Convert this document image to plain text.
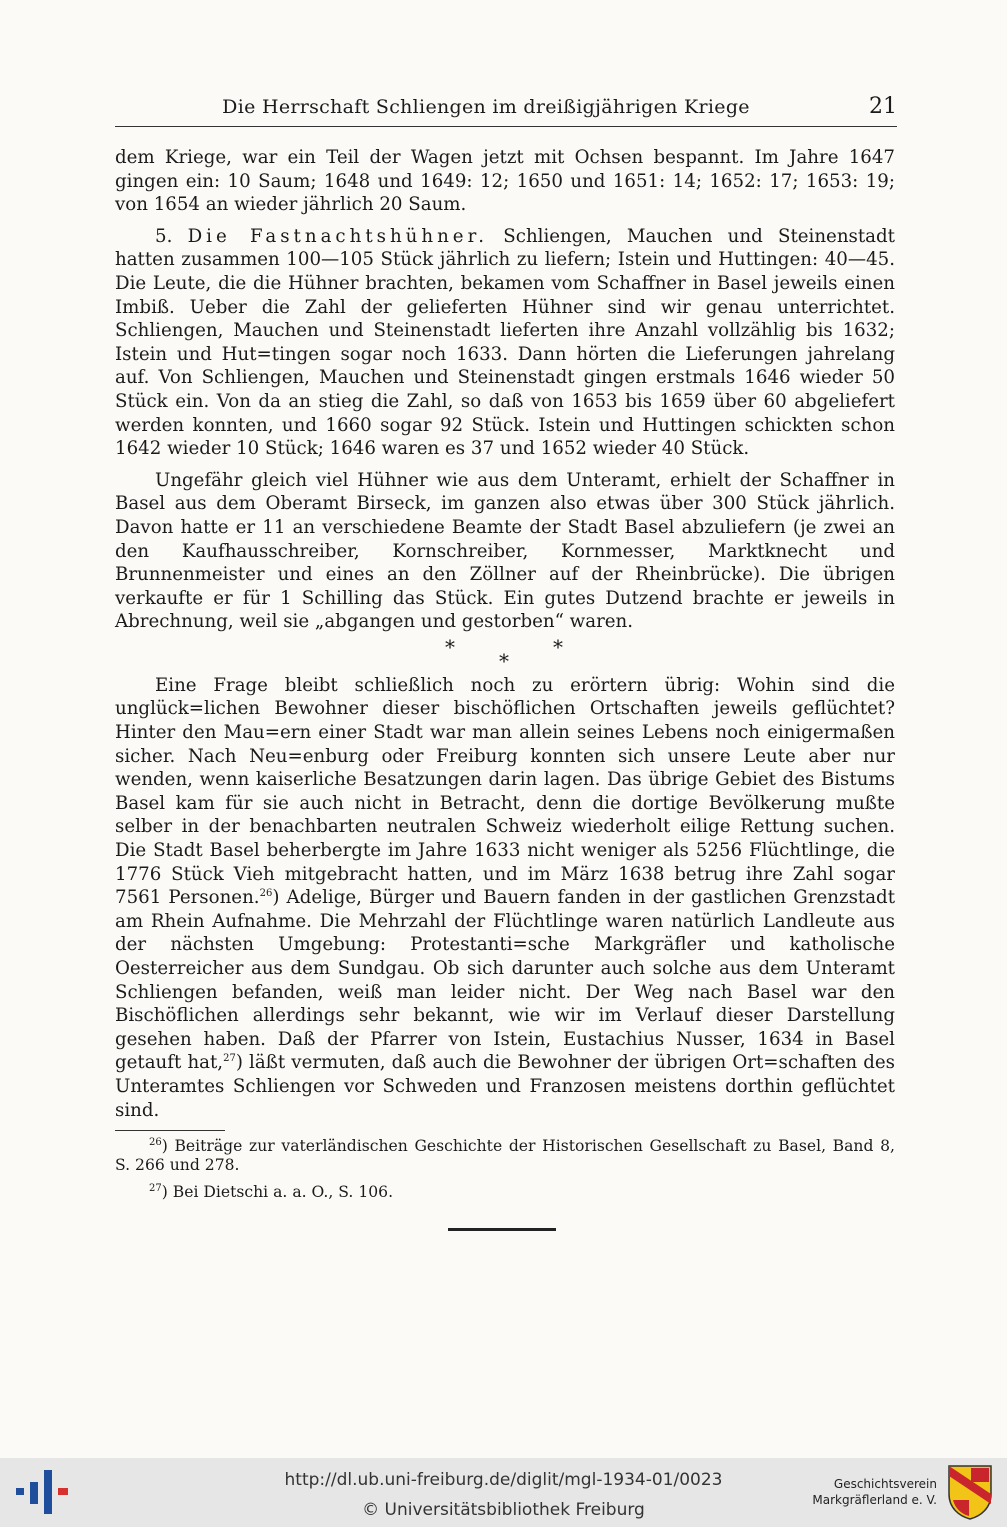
Die Herrschaft Schliengen im dreißigjährigen Kriege	21

dem Kriege, war ein Teil der Wagen jetzt mit Ochsen bespannt. Im Jahre 1647 gingen ein: 10 Saum; 1648 und 1649: 12; 1650 und 1651: 14; 1652: 17; 1653: 19; von 1654 an wieder jährlich 20 Saum.

5. Die Fastnachtshühner. Schliengen, Mauchen und Steinenstadt hatten zusammen 100—105 Stück jährlich zu liefern; Istein und Huttingen: 40—45. Die Leute, die die Hühner brachten, bekamen vom Schaffner in Basel jeweils einen Imbiß. Ueber die Zahl der gelieferten Hühner sind wir genau unterrichtet. Schliengen, Mauchen und Steinenstadt lieferten ihre Anzahl vollzählig bis 1632; Istein und Hut=tingen sogar noch 1633. Dann hörten die Lieferungen jahrelang auf. Von Schliengen, Mauchen und Steinenstadt gingen erstmals 1646 wieder 50 Stück ein. Von da an stieg die Zahl, so daß von 1653 bis 1659 über 60 abgeliefert werden konnten, und 1660 sogar 92 Stück. Istein und Huttingen schickten schon 1642 wieder 10 Stück; 1646 waren es 37 und 1652 wieder 40 Stück.

Ungefähr gleich viel Hühner wie aus dem Unteramt, erhielt der Schaffner in Basel aus dem Oberamt Birseck, im ganzen also etwas über 300 Stück jährlich. Davon hatte er 11 an verschiedene Beamte der Stadt Basel abzuliefern (je zwei an den Kaufhausschreiber, Kornschreiber, Kornmesser, Marktknecht und Brunnenmeister und eines an den Zöllner auf der Rheinbrücke). Die übrigen verkaufte er für 1 Schilling das Stück. Ein gutes Dutzend brachte er jeweils in Abrechnung, weil sie „abgangen und gestorben“ waren.

*	*
*

Eine Frage bleibt schließlich noch zu erörtern übrig: Wohin sind die unglück=lichen Bewohner dieser bischöflichen Ortschaften jeweils geflüchtet? Hinter den Mau=ern einer Stadt war man allein seines Lebens noch einigermaßen sicher. Nach Neu=enburg oder Freiburg konnten sich unsere Leute aber nur wenden, wenn kaiserliche Besatzungen darin lagen. Das übrige Gebiet des Bistums Basel kam für sie auch nicht in Betracht, denn die dortige Bevölkerung mußte selber in der benachbarten neutralen Schweiz wiederholt eilige Rettung suchen. Die Stadt Basel beherbergte im Jahre 1633 nicht weniger als 5256 Flüchtlinge, die 1776 Stück Vieh mitgebracht hatten, und im März 1638 betrug ihre Zahl sogar 7561 Personen.$^{26}$) Adelige, Bürger und Bauern fanden in der gastlichen Grenzstadt am Rhein Aufnahme. Die Mehrzahl der Flüchtlinge waren natürlich Landleute aus der nächsten Umgebung: Protestanti=sche Markgräfler und katholische Oesterreicher aus dem Sundgau. Ob sich darunter auch solche aus dem Unteramt Schliengen befanden, weiß man leider nicht. Der Weg nach Basel war den Bischöflichen allerdings sehr bekannt, wie wir im Verlauf dieser Darstellung gesehen haben. Daß der Pfarrer von Istein, Eustachius Nusser, 1634 in Basel getauft hat,$^{27}$) läßt vermuten, daß auch die Bewohner der übrigen Ort=schaften des Unteramtes Schliengen vor Schweden und Franzosen meistens dorthin geflüchtet sind.

$^{26}$) Beiträge zur vaterländischen Geschichte der Historischen Gesellschaft zu Basel, Band 8, S. 266 und 278.

$^{27}$) Bei Dietschi a. a. O., S. 106.

http://dl.ub.uni-freiburg.de/diglit/mgl-1934-01/0023
© Universitätsbibliothek Freiburg
Geschichtsverein
Markgräflerland e. V.
